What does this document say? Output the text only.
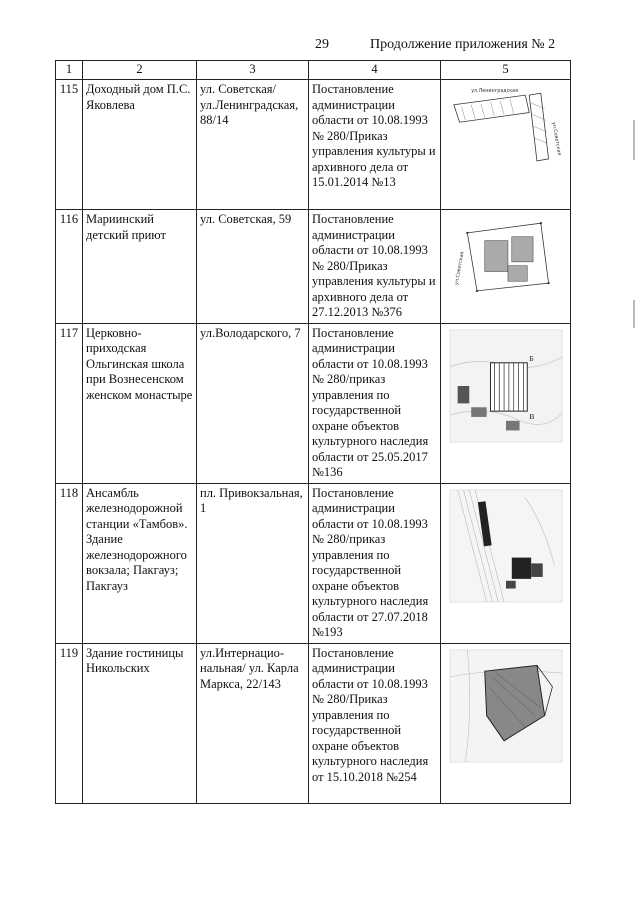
29	Продолжение приложения № 2
1	2	3	4	5
115	Доходный дом П.С. Яковлева	ул. Советская/ ул.Ленинградская, 88/14	Постановление администрации области от 10.08.1993 № 280/Приказ управления культуры и архивного дела от 15.01.2014 №13	ул.Ленинградская
ул.Советская

116	Мариинский детский приют	ул. Советская, 59	Постановление администрации области от 10.08.1993 № 280/Приказ управления культуры и архивного дела от 27.12.2013 №376	ул.Советская

117	Церковно-приходская Ольгинская школа при Вознесенском женском монастыре	ул.Володарского, 7	Постановление администрации области от 10.08.1993 № 280/приказ управления по государственной охране объектов культурного наследия области от 25.05.2017 №136	Б
В

118	Ансамбль железнодорожной станции «Тамбов». Здание железнодорожного вокзала; Пакгауз; Пакгауз	пл. Привокзальная, 1	Постановление администрации области от 10.08.1993 № 280/приказ управления по государственной охране объектов культурного наследия области от 27.07.2018 №193	

119	Здание гостиницы Никольских	ул.Интернацио-нальная/ ул. Карла Маркса, 22/143	Постановление администрации области от 10.08.1993 № 280/Приказ управления по государственной охране объектов культурного наследия от 15.10.2018 №254	
